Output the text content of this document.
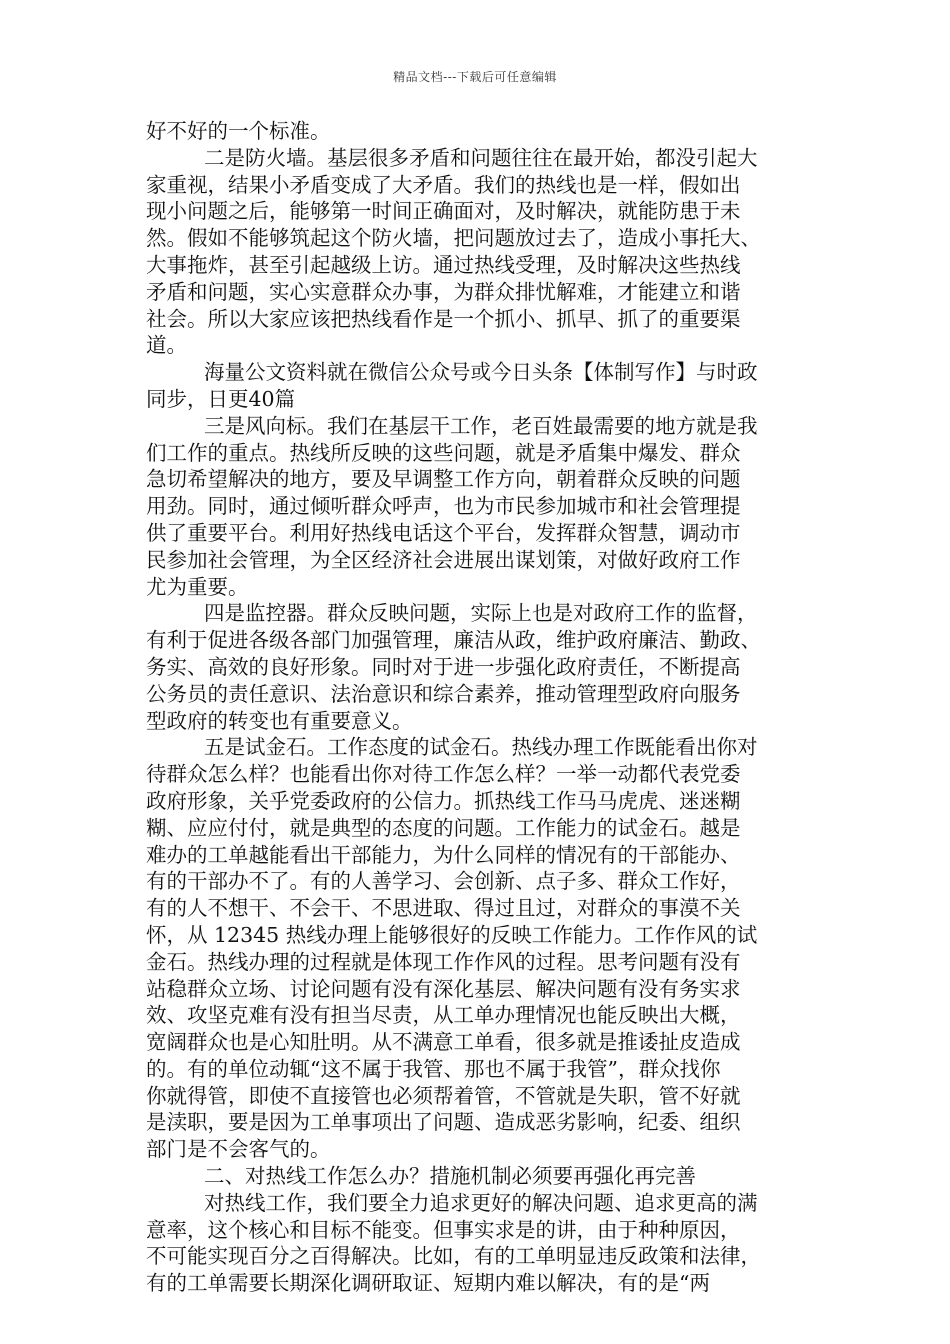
精品文档---下载后可任意编辑
好不好的一个标准。
二是防火墙。基层很多矛盾和问题往往在最开始，都没引起大
家重视，结果小矛盾变成了大矛盾。我们的热线也是一样，假如出
现小问题之后，能够第一时间正确面对，及时解决，就能防患于未
然。假如不能够筑起这个防火墙，把问题放过去了，造成小事托大、
大事拖炸，甚至引起越级上访。通过热线受理，及时解决这些热线
矛盾和问题，实心实意群众办事，为群众排忧解难，才能建立和谐
社会。所以大家应该把热线看作是一个抓小、抓早、抓了的重要渠
道。
海量公文资料就在微信公众号或今日头条【体制写作】与时政
同步，日更40篇
三是风向标。我们在基层干工作，老百姓最需要的地方就是我
们工作的重点。热线所反映的这些问题，就是矛盾集中爆发、群众
急切希望解决的地方，要及早调整工作方向，朝着群众反映的问题
用劲。同时，通过倾听群众呼声，也为市民参加城市和社会管理提
供了重要平台。利用好热线电话这个平台，发挥群众智慧，调动市
民参加社会管理，为全区经济社会进展出谋划策，对做好政府工作
尤为重要。
四是监控器。群众反映问题，实际上也是对政府工作的监督，
有利于促进各级各部门加强管理，廉洁从政，维护政府廉洁、勤政、
务实、高效的良好形象。同时对于进一步强化政府责任，不断提高
公务员的责任意识、法治意识和综合素养，推动管理型政府向服务
型政府的转变也有重要意义。
五是试金石。工作态度的试金石。热线办理工作既能看出你对
待群众怎么样？也能看出你对待工作怎么样？一举一动都代表党委
政府形象，关乎党委政府的公信力。抓热线工作马马虎虎、迷迷糊
糊、应应付付，就是典型的态度的问题。工作能力的试金石。越是
难办的工单越能看出干部能力，为什么同样的情况有的干部能办、
有的干部办不了。有的人善学习、会创新、点子多、群众工作好，
有的人不想干、不会干、不思进取、得过且过，对群众的事漠不关
怀，从 12345 热线办理上能够很好的反映工作能力。工作作风的试
金石。热线办理的过程就是体现工作作风的过程。思考问题有没有
站稳群众立场、讨论问题有没有深化基层、解决问题有没有务实求
效、攻坚克难有没有担当尽责，从工单办理情况也能反映出大概，
宽阔群众也是心知肚明。从不满意工单看，很多就是推诿扯皮造成
的。有的单位动辄“这不属于我管、那也不属于我管”，群众找你
你就得管，即使不直接管也必须帮着管，不管就是失职，管不好就
是渎职，要是因为工单事项出了问题、造成恶劣影响，纪委、组织
部门是不会客气的。
二、对热线工作怎么办？措施机制必须要再强化再完善
对热线工作，我们要全力追求更好的解决问题、追求更高的满
意率，这个核心和目标不能变。但事实求是的讲，由于种种原因，
不可能实现百分之百得解决。比如，有的工单明显违反政策和法律，
有的工单需要长期深化调研取证、短期内难以解决，有的是“两
